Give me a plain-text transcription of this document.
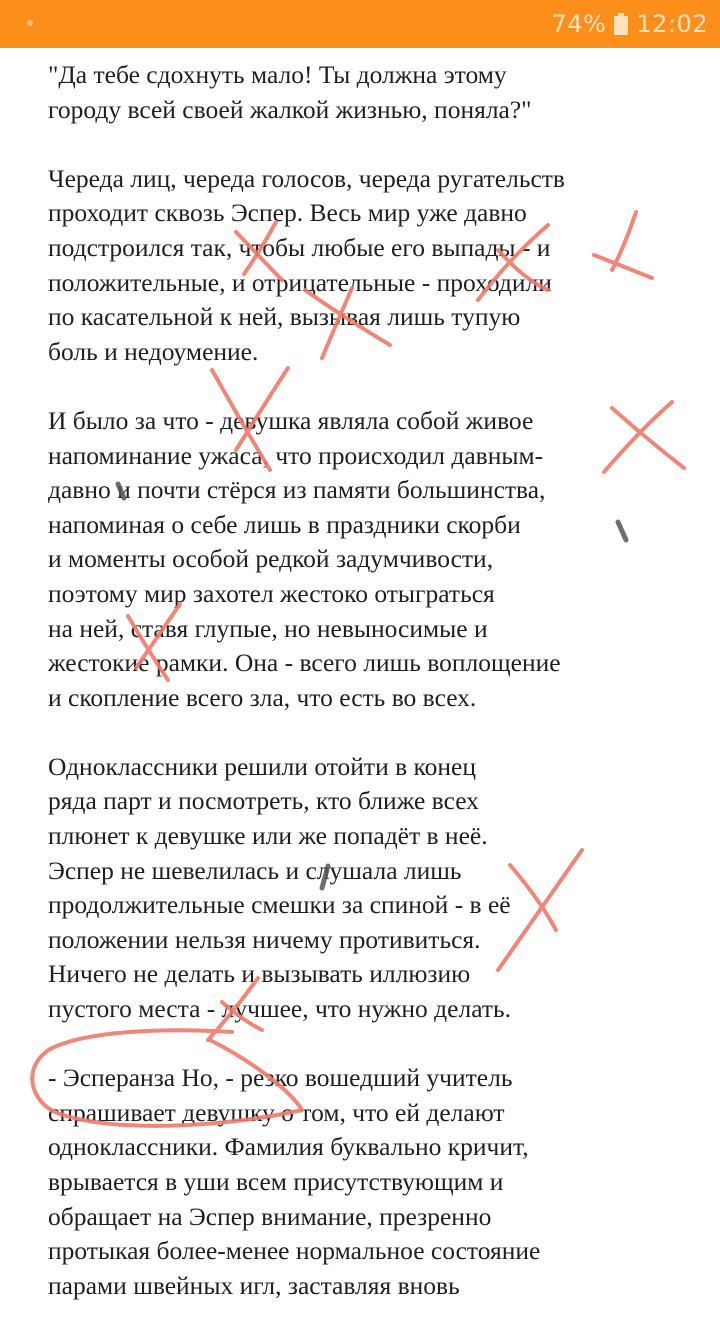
74% 12:02

"Да тебе сдохнуть мало! Ты должна этому
городу всей своей жалкой жизнью, поняла?"

Череда лиц, череда голосов, череда ругательств
проходит сквозь Эспер. Весь мир уже давно
подстроился так, чтобы любые его выпады - и
положительные, и отрицательные - проходили
по касательной к ней, вызывая лишь тупую
боль и недоумение.

И было за что - девушка являла собой живое
напоминание ужаса, что происходил давным-
давно и почти стёрся из памяти большинства,
напоминая о себе лишь в праздники скорби
и моменты особой редкой задумчивости,
поэтому мир захотел жестоко отыграться
на ней, ставя глупые, но невыносимые и
жестокие рамки. Она - всего лишь воплощение
и скопление всего зла, что есть во всех.

Одноклассники решили отойти в конец
ряда парт и посмотреть, кто ближе всех
плюнет к девушке или же попадёт в неё.
Эспер не шевелилась и слушала лишь
продолжительные смешки за спиной - в её
положении нельзя ничему противиться.
Ничего не делать и вызывать иллюзию
пустого места - лучшее, что нужно делать.

- Эсперанза Но, - резко вошедший учитель
спрашивает девушку о том, что ей делают
одноклассники. Фамилия буквально кричит,
врывается в уши всем присутствующим и
обращает на Эспер внимание, презренно
протыкая более-менее нормальное состояние
парами швейных игл, заставляя вновь
